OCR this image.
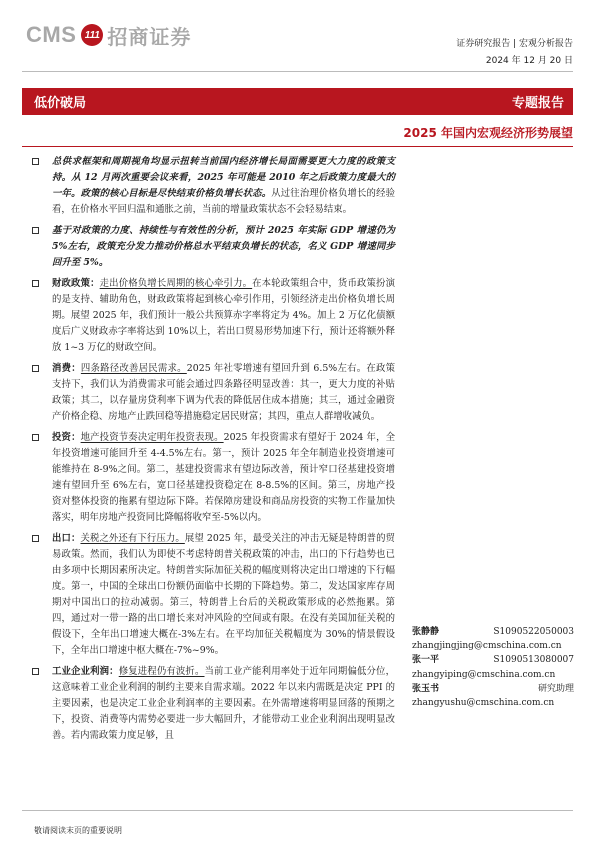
CMS 111 招商证券	证券研究报告 | 宏观分析报告
2024 年 12 月 20 日
低价破局	专题报告
2025 年国内宏观经济形势展望
总供求框架和周期视角均显示扭转当前国内经济增长局面需要更大力度的政策支持。从 12 月两次重要会议来看，2025 年可能是 2010 年之后政策力度最大的一年。政策的核心目标是尽快结束价格负增长状态。从过往治理价格负增长的经验看，在价格水平回归温和通胀之前，当前的增量政策状态不会轻易结束。
基于对政策的力度、持续性与有效性的分析，预计 2025 年实际 GDP 增速仍为 5%左右，政策充分发力推动价格总水平结束负增长的状态，名义 GDP 增速同步回升至 5%。
财政政策：走出价格负增长周期的核心牵引力。在本轮政策组合中，货币政策扮演的是支持、辅助角色，财政政策将起到核心牵引作用，引领经济走出价格负增长周期。展望 2025 年，我们预计一般公共预算赤字率将定为 4%。加上 2 万亿化债额度后广义财政赤字率将达到 10%以上，若出口贸易形势加速下行，预计还将额外释放 1~3 万亿的财政空间。
消费：四条路径改善居民需求。2025 年社零增速有望回升到 6.5%左右。在政策支持下，我们认为消费需求可能会通过四条路径明显改善：其一，更大力度的补贴政策；其二，以存量房贷利率下调为代表的降低居住成本措施；其三，通过金融资产价格企稳、房地产止跌回稳等措施稳定居民财富；其四，重点人群增收减负。
投资：地产投资节奏决定明年投资表现。2025 年投资需求有望好于 2024 年，全年投资增速可能回升至 4-4.5%左右。第一，预计 2025 年全年制造业投资增速可能维持在 8-9%之间。第二，基建投资需求有望边际改善，预计窄口径基建投资增速有望回升至 6%左右，宽口径基建投资稳定在 8-8.5%的区间。第三，房地产投资对整体投资的拖累有望边际下降。若保障房建设和商品房投资的实物工作量加快落实，明年房地产投资同比降幅将收窄至-5%以内。
出口：关税之外还有下行压力。展望 2025 年，最受关注的冲击无疑是特朗普的贸易政策。然而，我们认为即使不考虑特朗普关税政策的冲击，出口的下行趋势也已由多项中长期因素所决定。特朗普实际加征关税的幅度则将决定出口增速的下行幅度。第一，中国的全球出口份额仍面临中长期的下降趋势。第二，发达国家库存周期对中国出口的拉动减弱。第三，特朗普上台后的关税政策形成的必然拖累。第四，通过对一带一路的出口增长来对冲风险的空间或有限。在没有美国加征关税的假设下，全年出口增速大概在-3%左右。在平均加征关税幅度为 30%的情景假设下，全年出口增速中枢大概在-7%~9%。
工业企业利润：修复进程仍有波折。当前工业产能利用率处于近年同期偏低分位，这意味着工业企业利润的制约主要来自需求端。2022 年以来内需既是决定 PPI 的主要因素，也是决定工业企业利润率的主要因素。在外需增速将明显回落的预期之下，投资、消费等内需势必要进一步大幅回升，才能带动工业企业利润出现明显改善。若内需政策力度足够，且
张静静	S1090522050003
zhangjingjing@cmschina.com.cn
张一平	S1090513080007
zhangyiping@cmschina.com.cn
张玉书	研究助理
zhangyushu@cmschina.com.cn
敬请阅读末页的重要说明
